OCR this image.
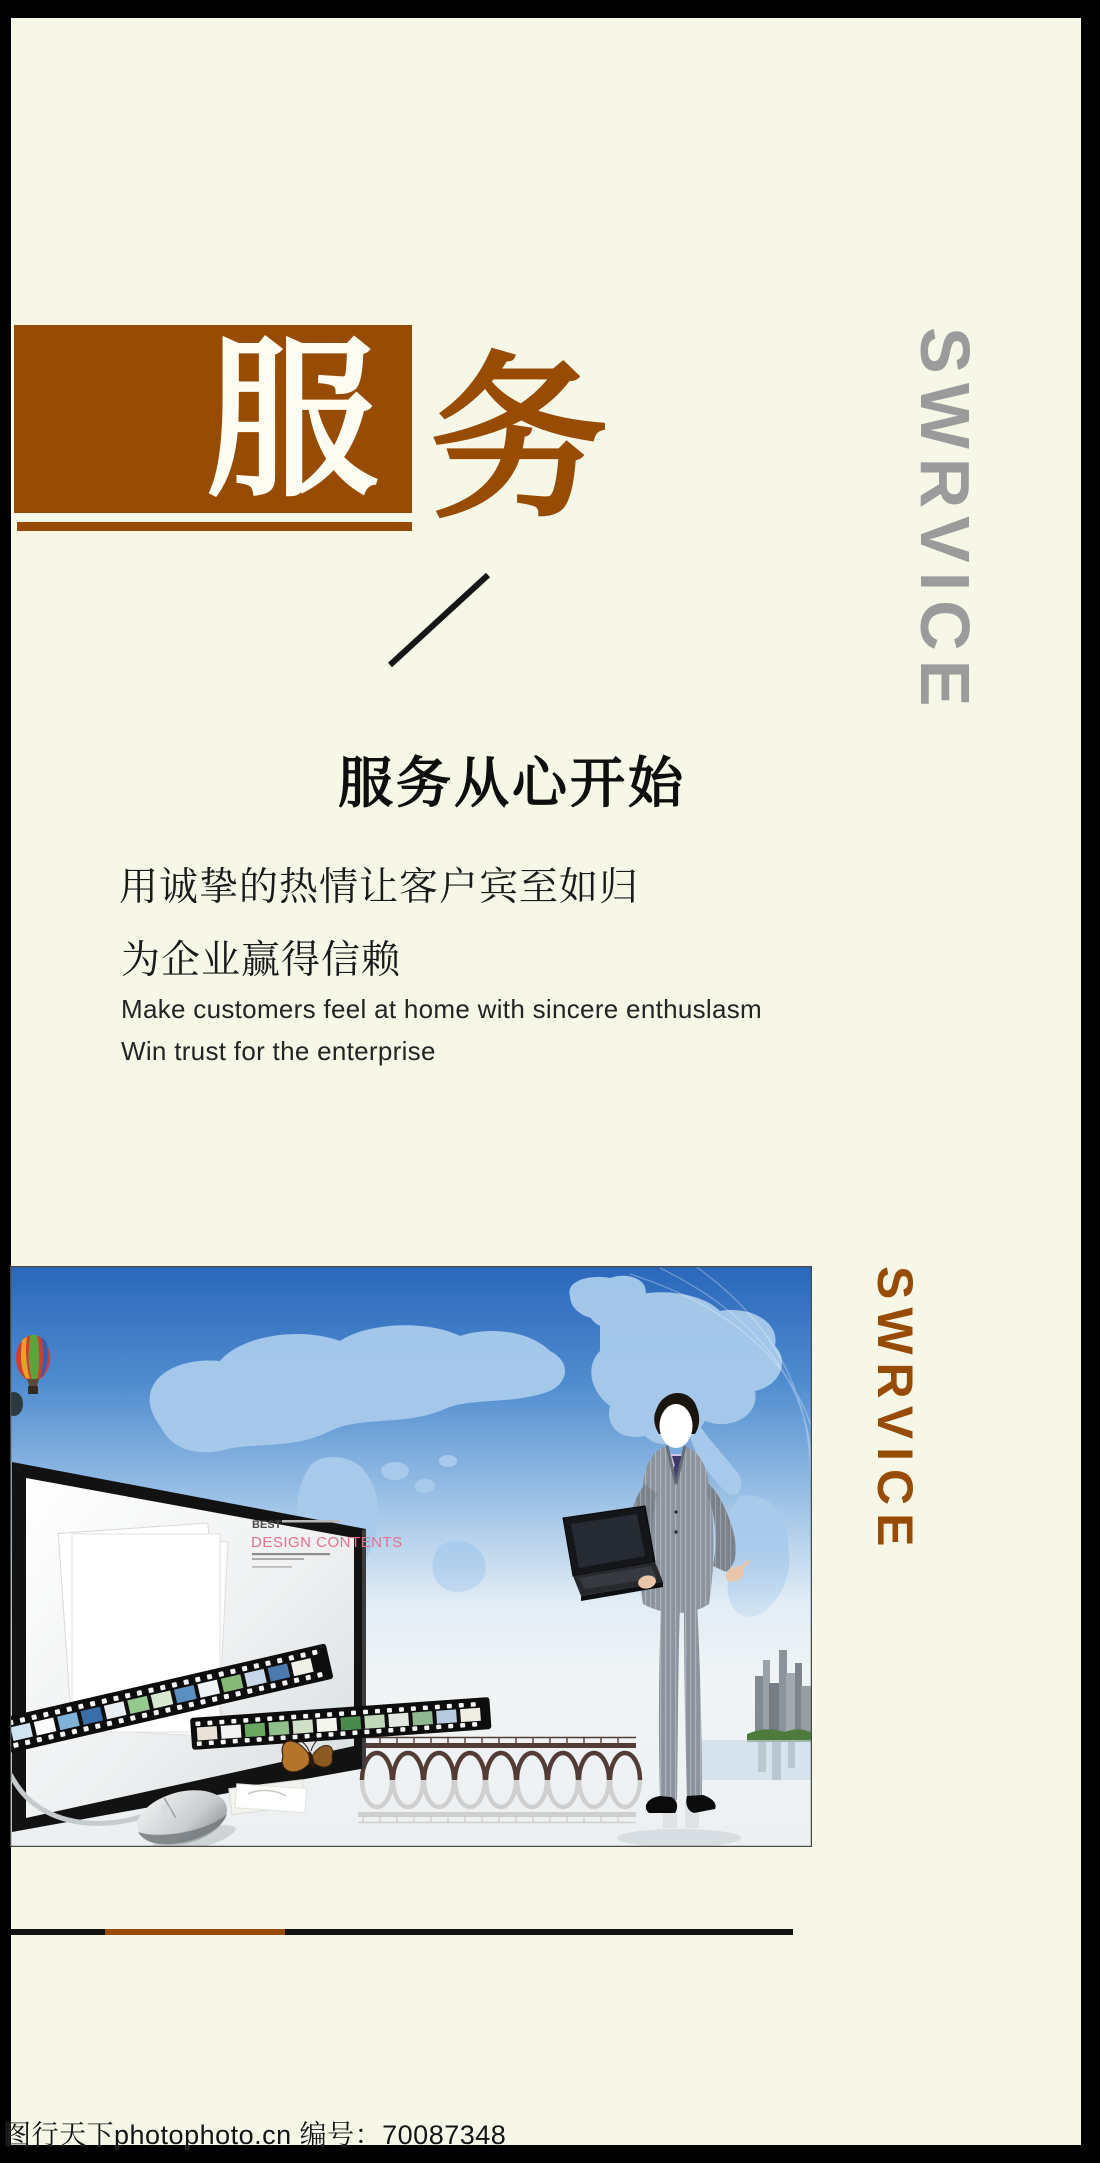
服 务	SWRVICE
服务从心开始
用诚挚的热情让客户宾至如归
为企业赢得信赖
Make customers feel at home with sincere enthuslasm
Win trust for the enterprise
SWRVICE
BEST
DESIGN CONTENTS
图行天下photophoto.cn 编号：70087348
